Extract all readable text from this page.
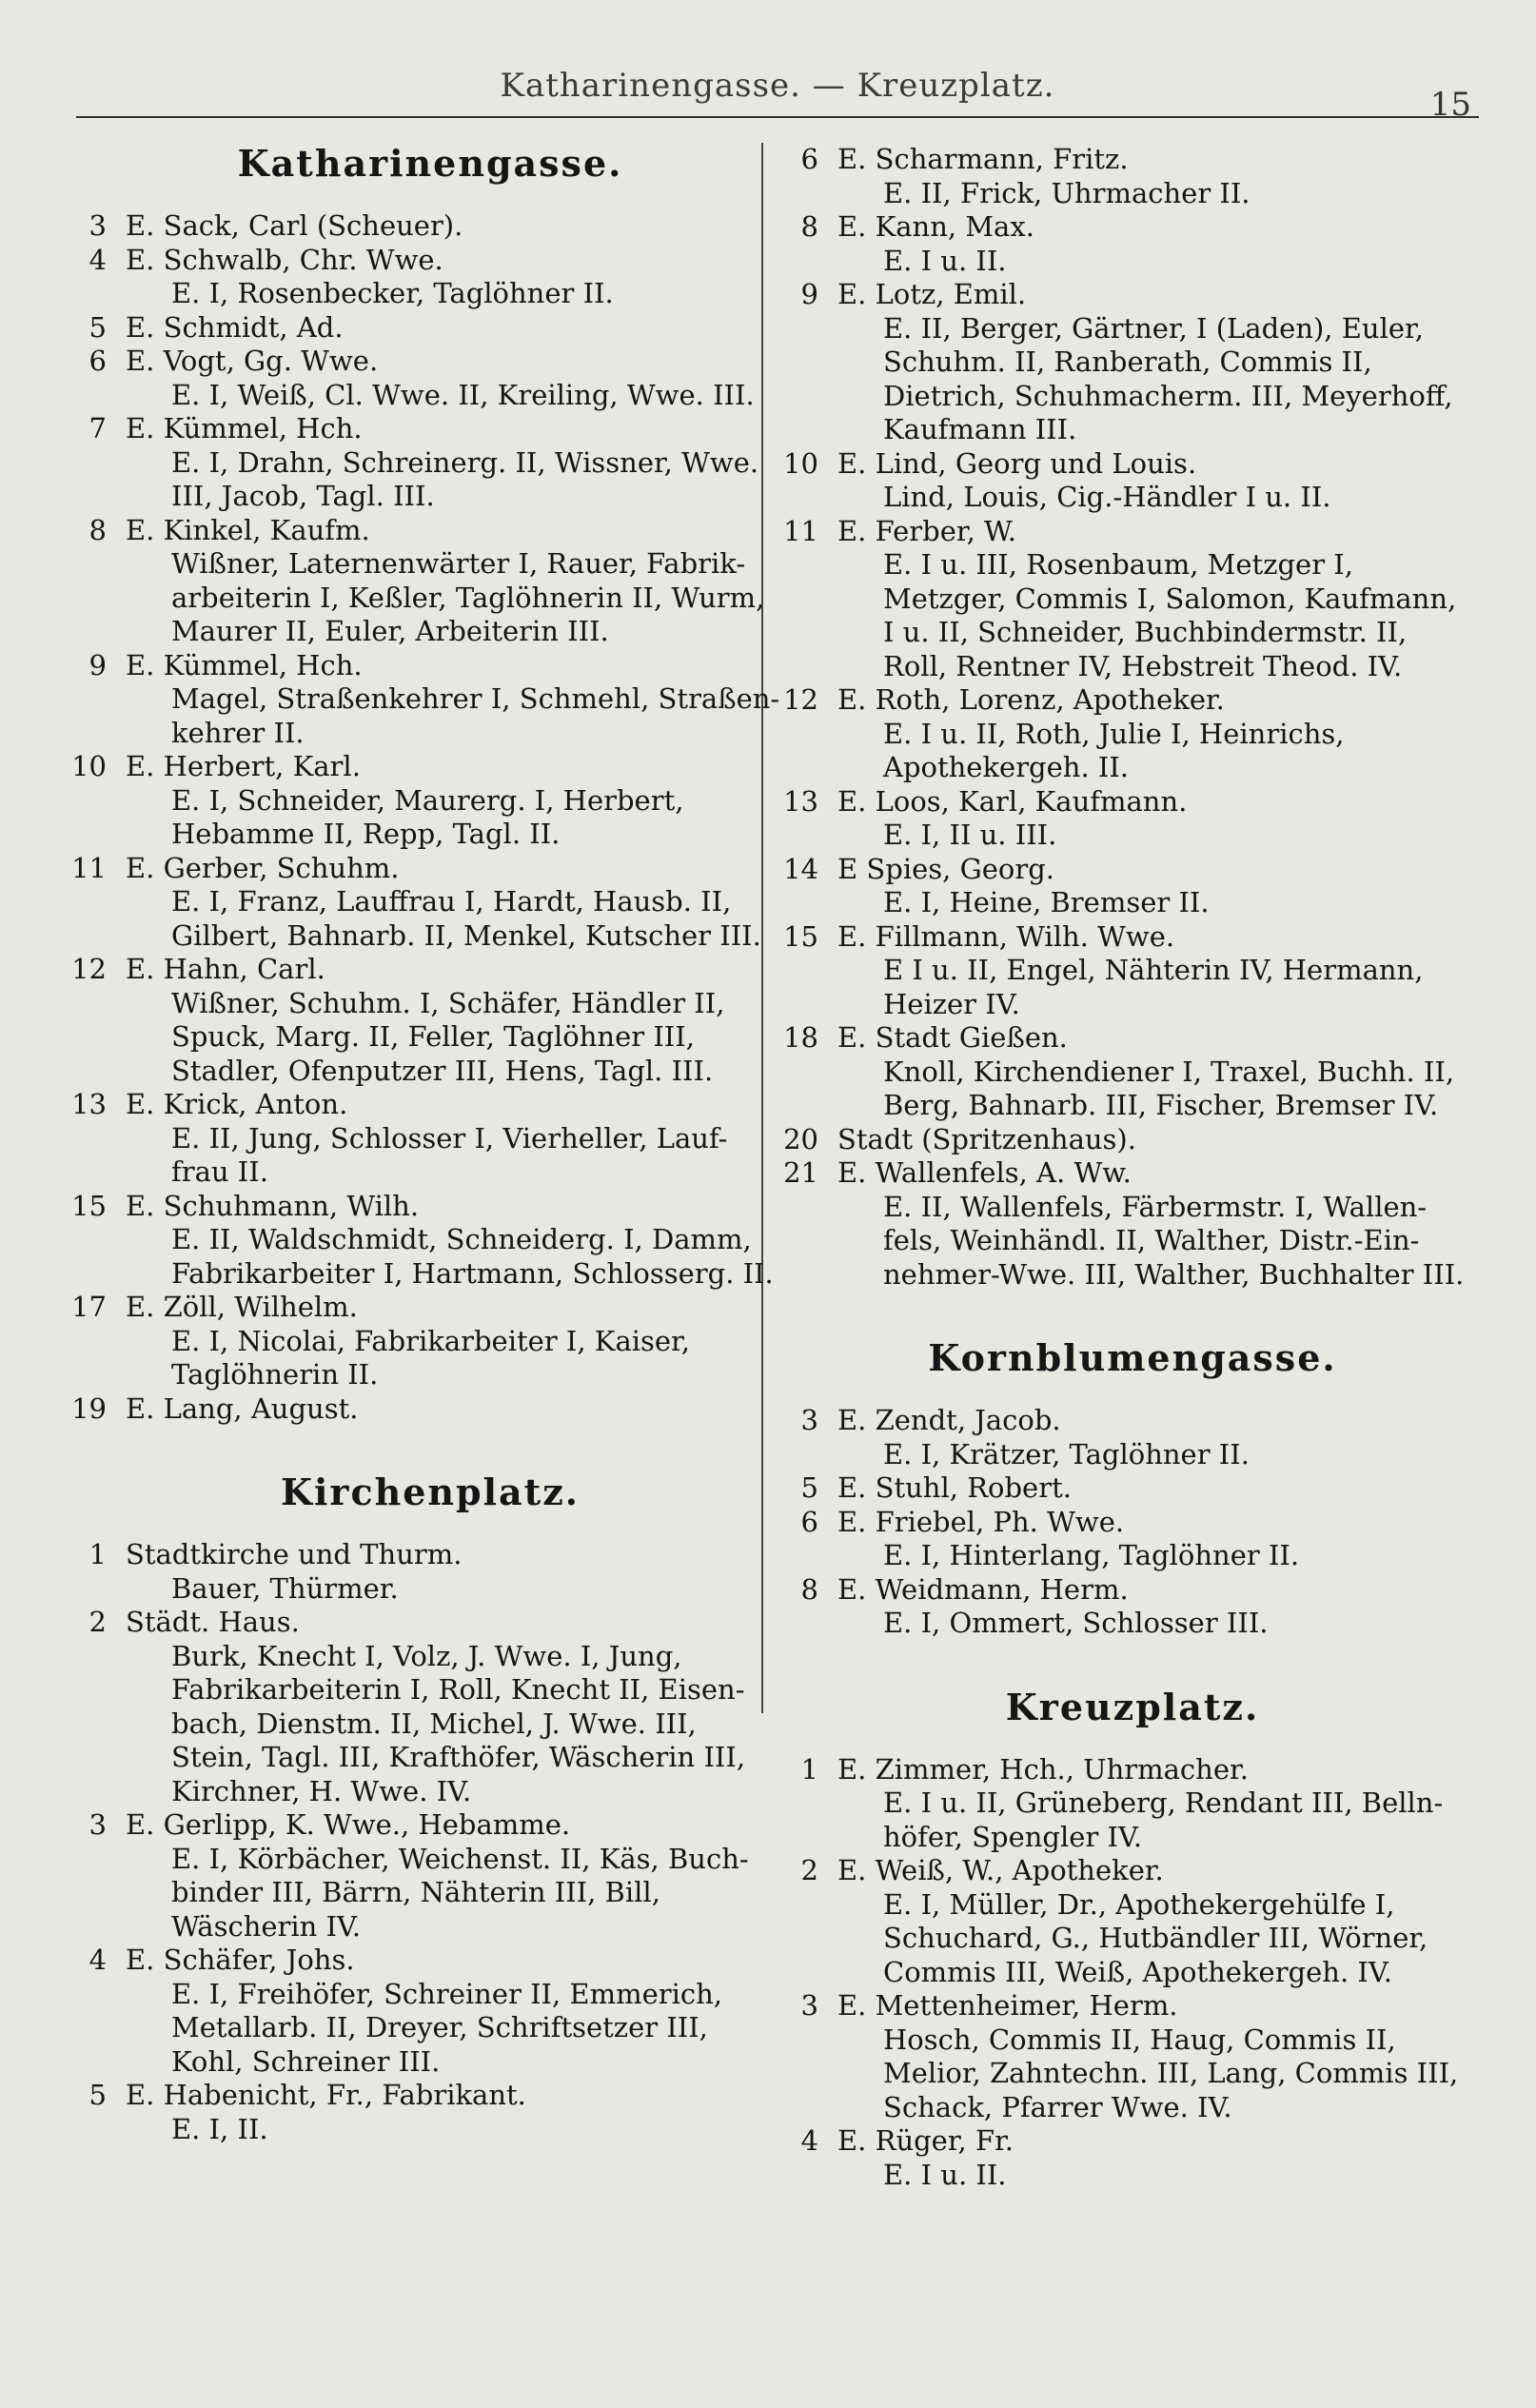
Katharinengasse. — Kreuzplatz.	15
Katharinengasse.
3 E. Sack, Carl (Scheuer).
4 E. Schwalb, Chr. Wwe.
E. I, Rosenbecker, Taglöhner II.
5 E. Schmidt, Ad.
6 E. Vogt, Gg. Wwe.
E. I, Weiß, Cl. Wwe. II, Kreiling, Wwe. III.
7 E. Kümmel, Hch.
E. I, Drahn, Schreinerg. II, Wissner, Wwe.
III, Jacob, Tagl. III.
8 E. Kinkel, Kaufm.
Wißner, Laternenwärter I, Rauer, Fabrik-
arbeiterin I, Keßler, Taglöhnerin II, Wurm,
Maurer II, Euler, Arbeiterin III.
9 E. Kümmel, Hch.
Magel, Straßenkehrer I, Schmehl, Straßen-
kehrer II.
10 E. Herbert, Karl.
E. I, Schneider, Maurerg. I, Herbert,
Hebamme II, Repp, Tagl. II.
11 E. Gerber, Schuhm.
E. I, Franz, Lauffrau I, Hardt, Hausb. II,
Gilbert, Bahnarb. II, Menkel, Kutscher III.
12 E. Hahn, Carl.
Wißner, Schuhm. I, Schäfer, Händler II,
Spuck, Marg. II, Feller, Taglöhner III,
Stadler, Ofenputzer III, Hens, Tagl. III.
13 E. Krick, Anton.
E. II, Jung, Schlosser I, Vierheller, Lauf-
frau II.
15 E. Schuhmann, Wilh.
E. II, Waldschmidt, Schneiderg. I, Damm,
Fabrikarbeiter I, Hartmann, Schlosserg. II.
17 E. Zöll, Wilhelm.
E. I, Nicolai, Fabrikarbeiter I, Kaiser,
Taglöhnerin II.
19 E. Lang, August.
Kirchenplatz.
1 Stadtkirche und Thurm.
Bauer, Thürmer.
2 Städt. Haus.
Burk, Knecht I, Volz, J. Wwe. I, Jung,
Fabrikarbeiterin I, Roll, Knecht II, Eisen-
bach, Dienstm. II, Michel, J. Wwe. III,
Stein, Tagl. III, Krafthöfer, Wäscherin III,
Kirchner, H. Wwe. IV.
3 E. Gerlipp, K. Wwe., Hebamme.
E. I, Körbächer, Weichenst. II, Käs, Buch-
binder III, Bärrn, Nähterin III, Bill,
Wäscherin IV.
4 E. Schäfer, Johs.
E. I, Freihöfer, Schreiner II, Emmerich,
Metallarb. II, Dreyer, Schriftsetzer III,
Kohl, Schreiner III.
5 E. Habenicht, Fr., Fabrikant.
E. I, II.
6 E. Scharmann, Fritz.
E. II, Frick, Uhrmacher II.
8 E. Kann, Max.
E. I u. II.
9 E. Lotz, Emil.
E. II, Berger, Gärtner, I (Laden), Euler,
Schuhm. II, Ranberath, Commis II,
Dietrich, Schuhmacherm. III, Meyerhoff,
Kaufmann III.
10 E. Lind, Georg und Louis.
Lind, Louis, Cig.-Händler I u. II.
11 E. Ferber, W.
E. I u. III, Rosenbaum, Metzger I,
Metzger, Commis I, Salomon, Kaufmann,
I u. II, Schneider, Buchbindermstr. II,
Roll, Rentner IV, Hebstreit Theod. IV.
12 E. Roth, Lorenz, Apotheker.
E. I u. II, Roth, Julie I, Heinrichs,
Apothekergeh. II.
13 E. Loos, Karl, Kaufmann.
E. I, II u. III.
14 E Spies, Georg.
E. I, Heine, Bremser II.
15 E. Fillmann, Wilh. Wwe.
E I u. II, Engel, Nähterin IV, Hermann,
Heizer IV.
18 E. Stadt Gießen.
Knoll, Kirchendiener I, Traxel, Buchh. II,
Berg, Bahnarb. III, Fischer, Bremser IV.
20 Stadt (Spritzenhaus).
21 E. Wallenfels, A. Ww.
E. II, Wallenfels, Färbermstr. I, Wallen-
fels, Weinhändl. II, Walther, Distr.-Ein-
nehmer-Wwe. III, Walther, Buchhalter III.
Kornblumengasse.
3 E. Zendt, Jacob.
E. I, Krätzer, Taglöhner II.
5 E. Stuhl, Robert.
6 E. Friebel, Ph. Wwe.
E. I, Hinterlang, Taglöhner II.
8 E. Weidmann, Herm.
E. I, Ommert, Schlosser III.
Kreuzplatz.
1 E. Zimmer, Hch., Uhrmacher.
E. I u. II, Grüneberg, Rendant III, Belln-
höfer, Spengler IV.
2 E. Weiß, W., Apotheker.
E. I, Müller, Dr., Apothekergehülfe I,
Schuchard, G., Hutbändler III, Wörner,
Commis III, Weiß, Apothekergeh. IV.
3 E. Mettenheimer, Herm.
Hosch, Commis II, Haug, Commis II,
Melior, Zahntechn. III, Lang, Commis III,
Schack, Pfarrer Wwe. IV.
4 E. Rüger, Fr.
E. I u. II.
